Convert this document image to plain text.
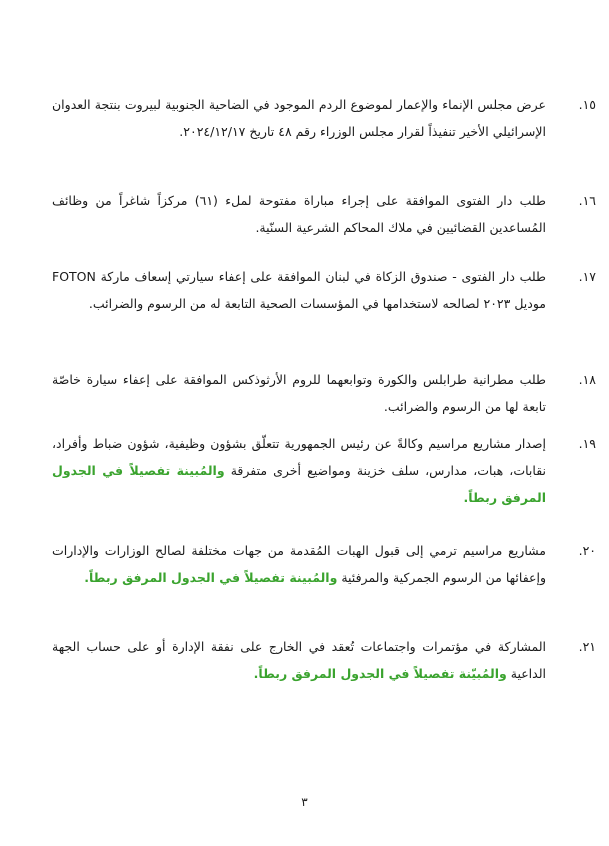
١٥.
عرض مجلس الإنماء والإعمار لموضوع الردم الموجود في الضاحية الجنوبية لبيروت بنتجة العدوان الإسرائيلي الأخير تنفيذاً لقرار مجلس الوزراء رقم ٤٨ تاريخ ٢٠٢٤/١٢/١٧.
١٦.
طلب دار الفتوى الموافقة على إجراء مباراة مفتوحة لملء (٦١) مركزاً شاغراً من وظائف المُساعدين القضائيين في ملاك المحاكم الشرعية السنّية.
١٧.
طلب دار الفتوى - صندوق الزكاة في لبنان الموافقة على إعفاء سيارتي إسعاف ماركة FOTON موديل ٢٠٢٣ لصالحه لاستخدامها في المؤسسات الصحية التابعة له من الرسوم والضرائب.
١٨.
طلب مطرانية طرابلس والكورة وتوابعهما للروم الأرثوذكس الموافقة على إعفاء سيارة خاصّة تابعة لها من الرسوم والضرائب.
١٩.
إصدار مشاريع مراسيم وكالةً عن رئيس الجمهورية تتعلّق بشؤون وظيفية، شؤون ضباط وأفراد، نقابات، هبات، مدارس، سلف خزينة ومواضيع أخرى متفرقة والمُبينة تفصيلاً في الجدول المرفق ربطاً.
٢٠.
مشاريع مراسيم ترمي إلى قبول الهبات المُقدمة من جهات مختلفة لصالح الوزارات والإدارات وإعفائها من الرسوم الجمركية والمرفئية والمُبينة تفصيلاً في الجدول المرفق ربطاً.
٢١.
المشاركة في مؤتمرات واجتماعات تُعقد في الخارج على نفقة الإدارة أو على حساب الجهة الداعية والمُبيّنة تفصيلاً في الجدول المرفق ربطاً.
٣
